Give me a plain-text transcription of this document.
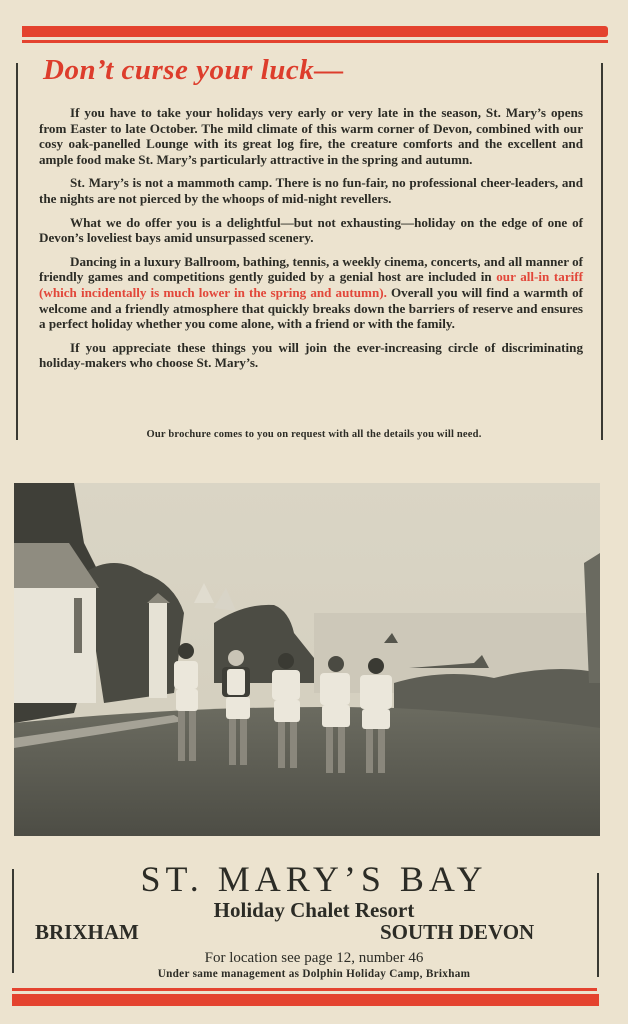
Don’t curse your luck—

If you have to take your holidays very early or very late in the season, St. Mary’s opens from Easter to late October. The mild climate of this warm corner of Devon, combined with our cosy oak-panelled Lounge with its great log fire, the creature comforts and the excellent and ample food make St. Mary’s particularly attractive in the spring and autumn.

St. Mary’s is not a mammoth camp. There is no fun-fair, no professional cheer-leaders, and the nights are not pierced by the whoops of mid-night revellers.

What we do offer you is a delightful—but not exhausting—holiday on the edge of one of Devon’s loveliest bays amid unsurpassed scenery.

Dancing in a luxury Ballroom, bathing, tennis, a weekly cinema, concerts, and all manner of friendly games and competitions gently guided by a genial host are included in our all-in tariff (which incidentally is much lower in the spring and autumn). Overall you will find a warmth of welcome and a friendly atmosphere that quickly breaks down the barriers of reserve and ensures a perfect holiday whether you come alone, with a friend or with the family.

If you appreciate these things you will join the ever-increasing circle of discriminating holiday-makers who choose St. Mary’s.

Our brochure comes to you on request with all the details you will need.
ST. MARY’S BAY
Holiday Chalet Resort
BRIXHAM	SOUTH DEVON
For location see page 12, number 46
Under same management as Dolphin Holiday Camp, Brixham
